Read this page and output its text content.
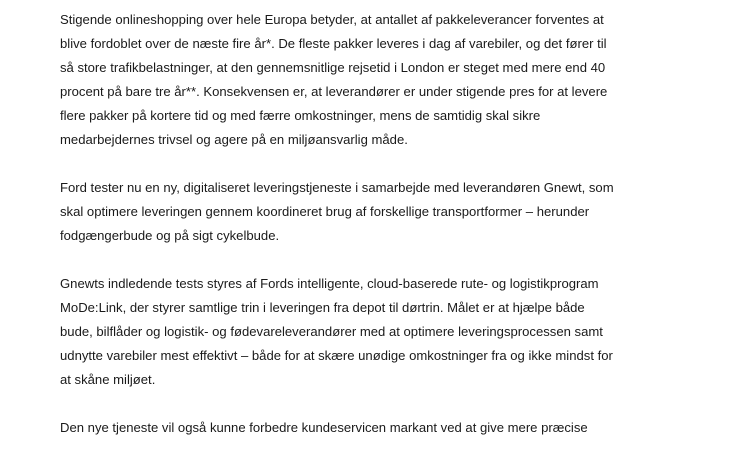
Stigende onlineshopping over hele Europa betyder, at antallet af pakkeleverancer forventes at
blive fordoblet over de næste fire år*. De fleste pakker leveres i dag af varebiler, og det fører til
så store trafikbelastninger, at den gennemsnitlige rejsetid i London er steget med mere end 40
procent på bare tre år**. Konsekvensen er, at leverandører er under stigende pres for at levere
flere pakker på kortere tid og med færre omkostninger, mens de samtidig skal sikre
medarbejdernes trivsel og agere på en miljøansvarlig måde.

Ford tester nu en ny, digitaliseret leveringstjeneste i samarbejde med leverandøren Gnewt, som
skal optimere leveringen gennem koordineret brug af forskellige transportformer – herunder
fodgængerbude og på sigt cykelbude.

Gnewts indledende tests styres af Fords intelligente, cloud-baserede rute- og logistikprogram
MoDe:Link, der styrer samtlige trin i leveringen fra depot til dørtrin. Målet er at hjælpe både
bude, bilflåder og logistik- og fødevareleverandører med at optimere leveringsprocessen samt
udnytte varebiler mest effektivt – både for at skære unødige omkostninger fra og ikke mindst for
at skåne miljøet.

Den nye tjeneste vil også kunne forbedre kundeservicen markant ved at give mere præcise
